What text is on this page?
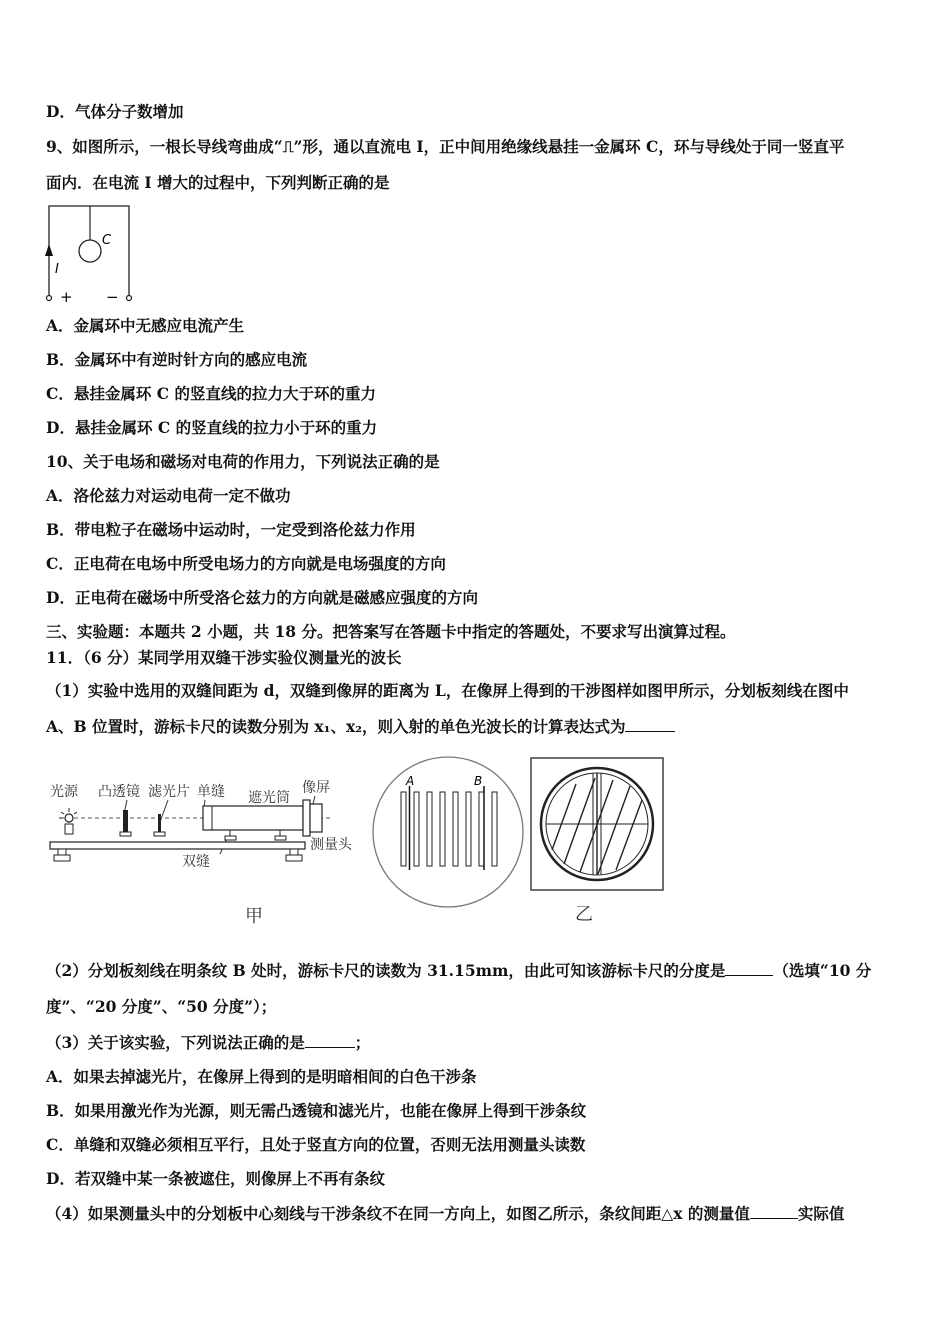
D．气体分子数增加
9、如图所示，一根长导线弯曲成“⎍”形，通以直流电 I，正中间用绝缘线悬挂一金属环 C，环与导线处于同一竖直平
面内．在电流 I 增大的过程中，下列判断正确的是
C
I
+ −
A．金属环中无感应电流产生
B．金属环中有逆时针方向的感应电流
C．悬挂金属环 C 的竖直线的拉力大于环的重力
D．悬挂金属环 C 的竖直线的拉力小于环的重力
10、关于电场和磁场对电荷的作用力，下列说法正确的是
A．洛伦兹力对运动电荷一定不做功
B．带电粒子在磁场中运动时，一定受到洛伦兹力作用
C．正电荷在电场中所受电场力的方向就是电场强度的方向
D．正电荷在磁场中所受洛仑兹力的方向就是磁感应强度的方向
三、实验题：本题共 2 小题，共 18 分。把答案写在答题卡中指定的答题处，不要求写出演算过程。
11．（6 分）某同学用双缝干涉实验仪测量光的波长
（1）实验中选用的双缝间距为 d，双缝到像屏的距离为 L，在像屏上得到的干涉图样如图甲所示，分划板刻线在图中
A、B 位置时，游标卡尺的读数分别为 x₁、x₂，则入射的单色光波长的计算表达式为
光源 凸透镜 滤光片 单缝 遮光筒
像屏
测量头
双缝
A	B
甲	乙
（2）分划板刻线在明条纹 B 处时，游标卡尺的读数为 31.15mm，由此可知该游标卡尺的分度是	（选填“10 分
度”、“20 分度”、“50 分度”）；
（3）关于该实验，下列说法正确的是	；
A．如果去掉滤光片，在像屏上得到的是明暗相间的白色干涉条
B．如果用激光作为光源，则无需凸透镜和滤光片，也能在像屏上得到干涉条纹
C．单缝和双缝必须相互平行，且处于竖直方向的位置，否则无法用测量头读数
D．若双缝中某一条被遮住，则像屏上不再有条纹
（4）如果测量头中的分划板中心刻线与干涉条纹不在同一方向上，如图乙所示，条纹间距△x 的测量值	实际值
